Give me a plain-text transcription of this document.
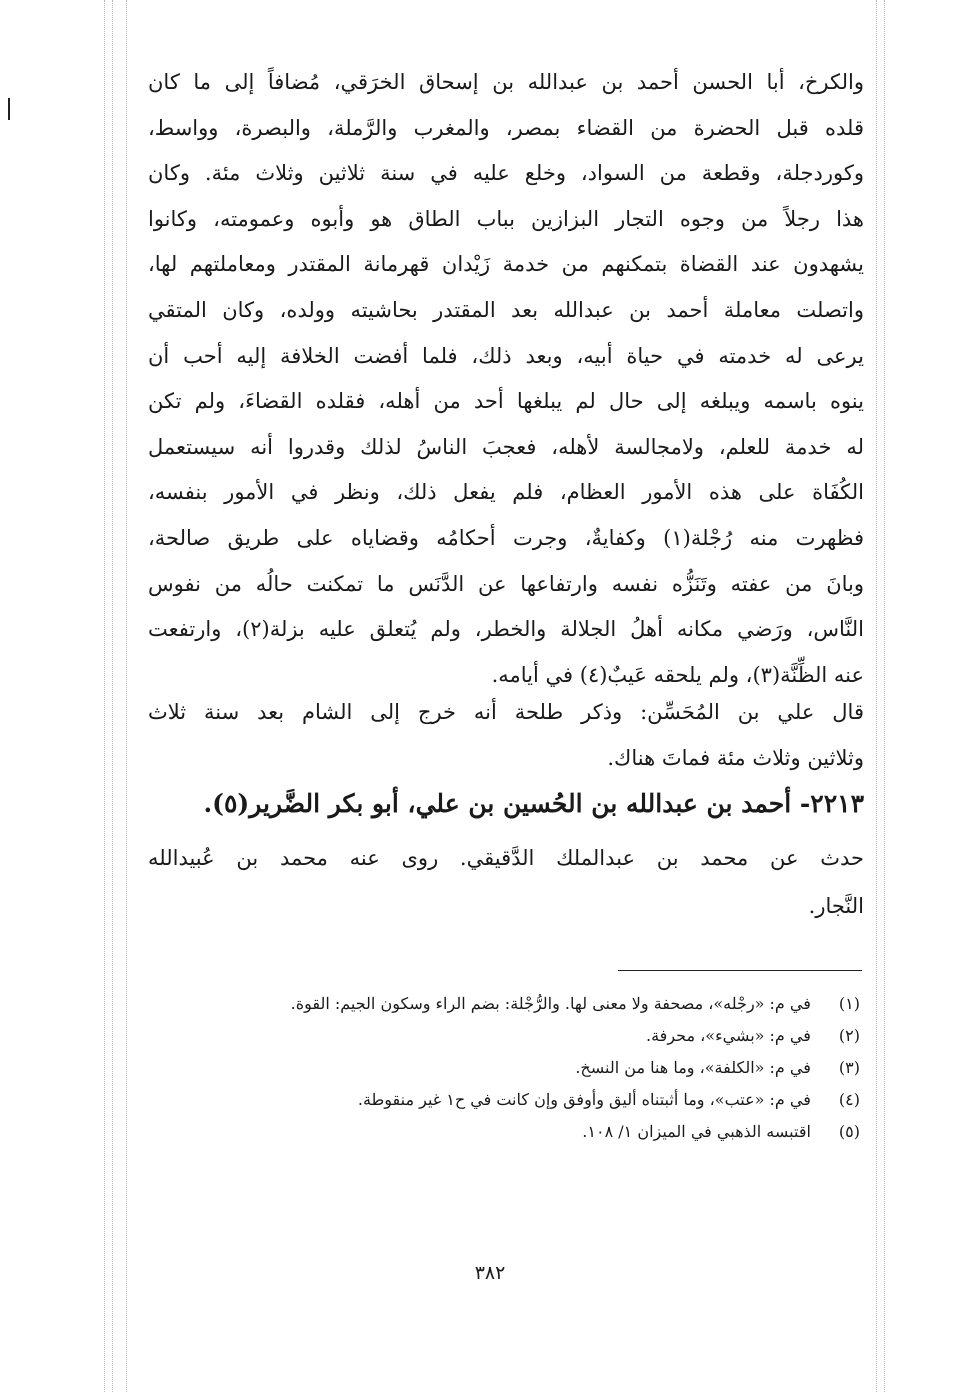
والكرخ، أبا الحسن أحمد بن عبدالله بن إسحاق الخرَقي، مُضافاً إلى ما كان
قلده قبل الحضرة من القضاء بمصر، والمغرب والرَّملة، والبصرة، وواسط،
وكوردجلة، وقطعة من السواد، وخلع عليه في سنة ثلاثين وثلاث مئة. وكان
هذا رجلاً من وجوه التجار البزازين بباب الطاق هو وأبوه وعمومته، وكانوا
يشهدون عند القضاة بتمكنهم من خدمة زَيْدان قهرمانة المقتدر ومعاملتهم لها،
واتصلت معاملة أحمد بن عبدالله بعد المقتدر بحاشيته وولده، وكان المتقي
يرعى له خدمته في حياة أبيه، وبعد ذلك، فلما أفضت الخلافة إليه أحب أن
ينوه باسمه ويبلغه إلى حال لم يبلغها أحد من أهله، فقلده القضاءَ، ولم تكن
له خدمة للعلم، ولامجالسة لأهله، فعجبَ الناسُ لذلك وقدروا أنه سيستعمل
الكُفَاة على هذه الأمور العظام، فلم يفعل ذلك، ونظر في الأمور بنفسه،
فظهرت منه رُجْلة(١) وكفايةٌ، وجرت أحكامُه وقضاياه على طريق صالحة،
وبانَ من عفته وتَنَزُّه نفسه وارتفاعها عن الدَّنَس ما تمكنت حالُه من نفوس
النَّاس، ورَضي مكانه أهلُ الجلالة والخطر، ولم يُتعلق عليه بزلة(٢)، وارتفعت
عنه الظِّنَّة(٣)، ولم يلحقه عَيبٌ(٤) في أيامه.
قال علي بن المُحَسِّن: وذكر طلحة أنه خرج إلى الشام بعد سنة ثلاث
وثلاثين وثلاث مئة فماتَ هناك.
٢٢١٣- أحمد بن عبدالله بن الحُسين بن علي، أبو بكر الضَّرير(٥).
حدث عن محمد بن عبدالملك الدَّقيقي. روى عنه محمد بن عُبيدالله
النَّجار.
(١) في م: «رجْله»، مصحفة ولا معنى لها. والرُّجْلة: بضم الراء وسكون الجيم: القوة.
(٢) في م: «بشيء»، محرفة.
(٣) في م: «الكلفة»، وما هنا من النسخ.
(٤) في م: «عتب»، وما أثبتناه أليق وأوفق وإن كانت في ح١ غير منقوطة.
(٥) اقتبسه الذهبي في الميزان ١/ ١٠٨.
٣٨٢
